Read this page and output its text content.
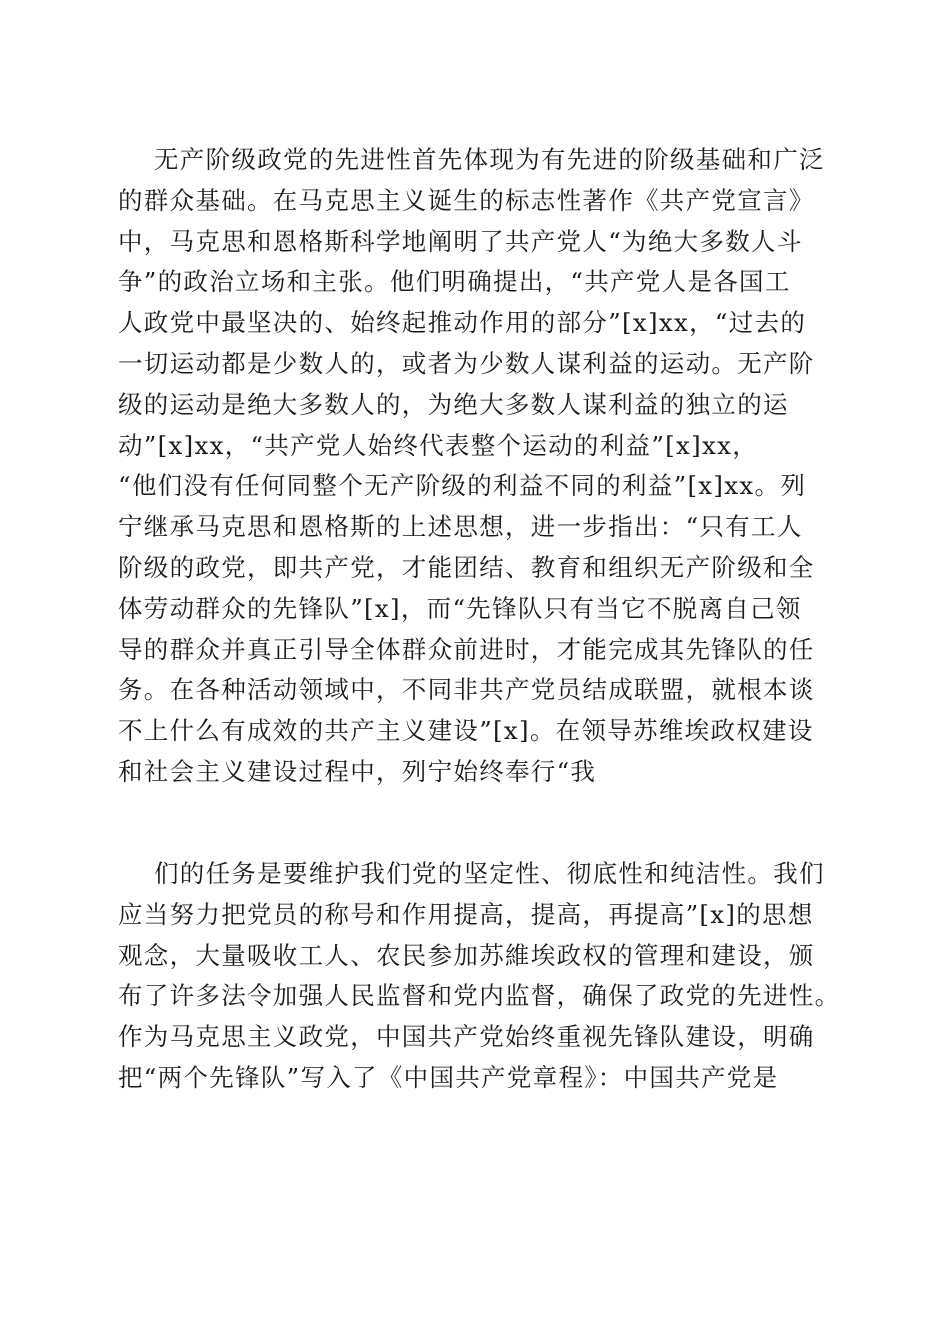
无产阶级政党的先进性首先体现为有先进的阶级基础和广泛
的群众基础。在马克思主义诞生的标志性著作《共产党宣言》
中，马克思和恩格斯科学地阐明了共产党人“为绝大多数人斗
争”的政治立场和主张。他们明确提出，“共产党人是各国工
人政党中最坚决的、始终起推动作用的部分”[x]xx，“过去的
一切运动都是少数人的，或者为少数人谋利益的运动。无产阶
级的运动是绝大多数人的，为绝大多数人谋利益的独立的运
动”[x]xx，“共产党人始终代表整个运动的利益”[x]xx，
“他们没有任何同整个无产阶级的利益不同的利益”[x]xx。列
宁继承马克思和恩格斯的上述思想，进一步指出：“只有工人
阶级的政党，即共产党，才能团结、教育和组织无产阶级和全
体劳动群众的先锋队”[x]，而“先锋队只有当它不脱离自己领
导的群众并真正引导全体群众前进时，才能完成其先锋队的任
务。在各种活动领域中，不同非共产党员结成联盟，就根本谈
不上什么有成效的共产主义建设”[x]。在领导苏维埃政权建设
和社会主义建设过程中，列宁始终奉行“我
们的任务是要维护我们党的坚定性、彻底性和纯洁性。我们
应当努力把党员的称号和作用提高，提高，再提高”[x]的思想
观念，大量吸收工人、农民参加苏維埃政权的管理和建设，颁
布了许多法令加强人民监督和党内监督，确保了政党的先进性。
作为马克思主义政党，中国共产党始终重视先锋队建设，明确
把“两个先锋队”写入了《中国共产党章程》：中国共产党是
